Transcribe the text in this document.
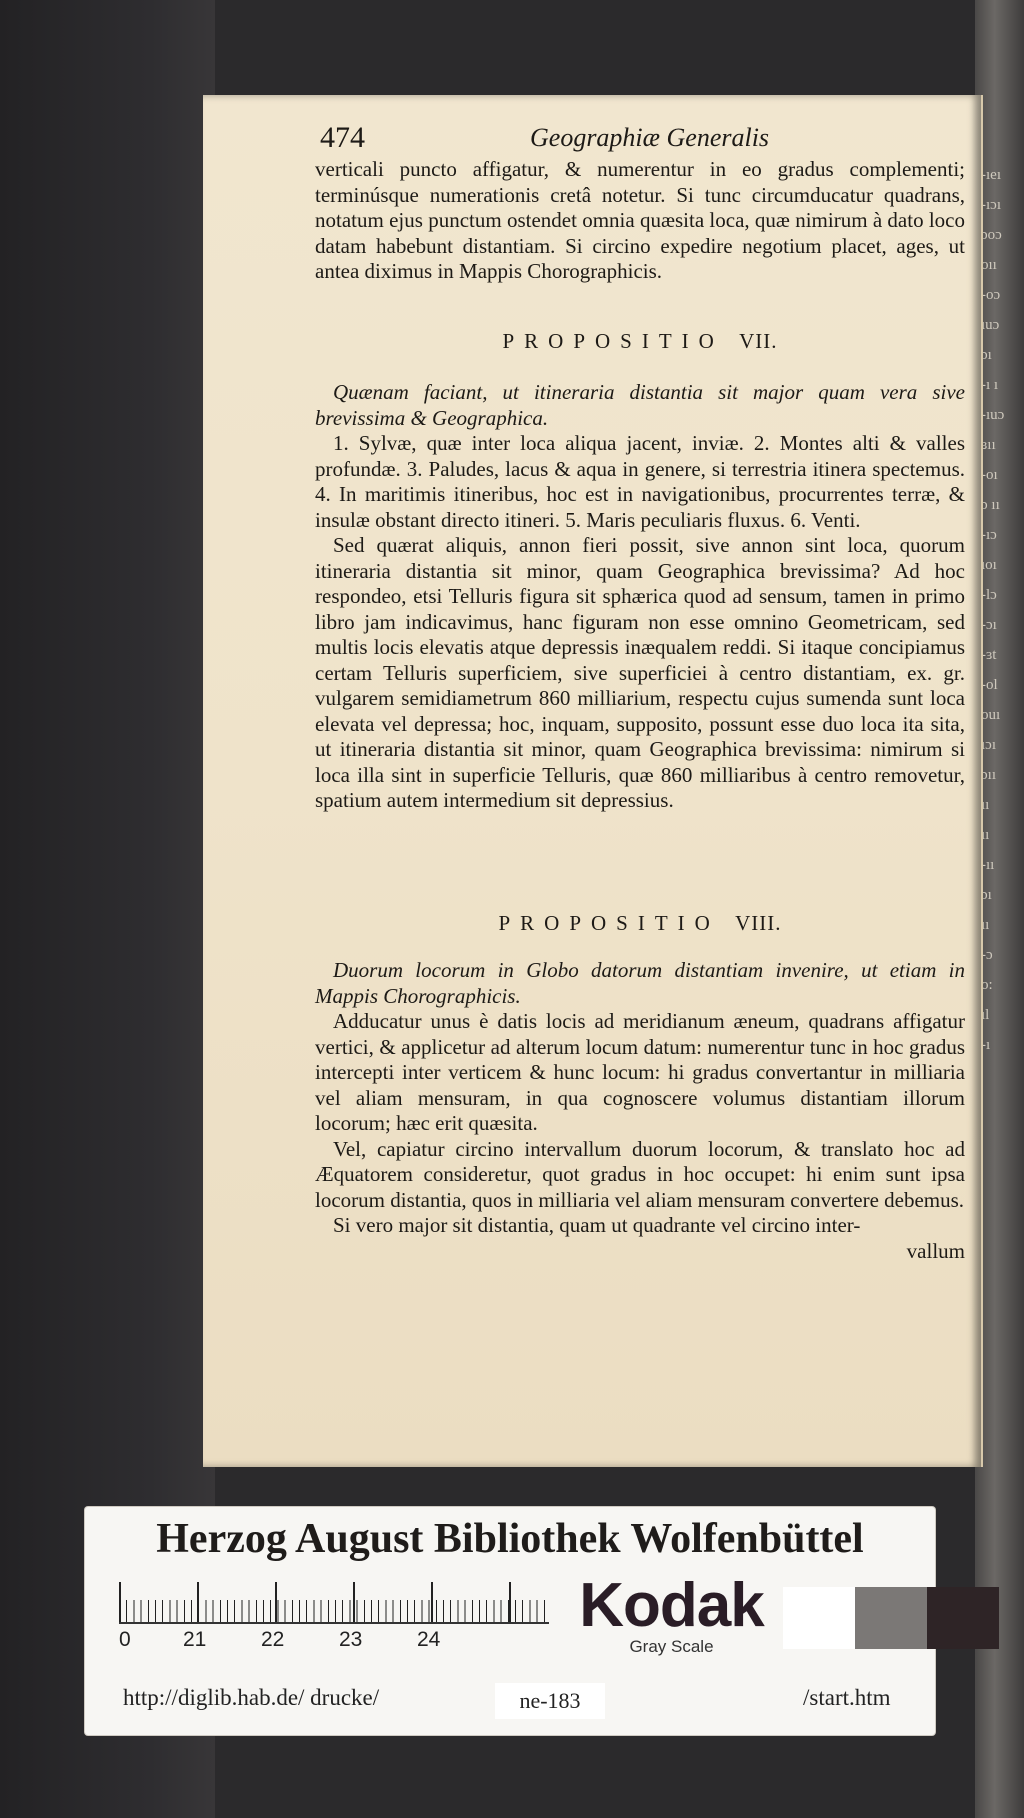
-ıeı
-ıɔı
ɔoɔ
oıı
-oɔ
ıuɔ
ɔı
-ı ı
-ıuɔ
ɜıı
-oı
ɔ ıı
-ıɔ
ıoı
-lɔ
-ɔı
-ɜt
-ol
ouı
ıɔı
ɔıı
ıı
ıı
-ıı
ɔı
ıı
-ɔ
o:
ıl
-ı
474	Geographiæ Generalis

verticali puncto affigatur, & numerentur in eo gradus complementi; terminúsque numerationis cretâ notetur. Si tunc circumducatur quadrans, notatum ejus punctum ostendet omnia quæsita loca, quæ nimirum à dato loco datam habebunt distantiam. Si circino expedire negotium placet, ages, ut antea diximus in Mappis Chorographicis.

PROPOSITIO VII.

Quænam faciant, ut itineraria distantia sit major quam vera sive brevissima & Geographica.

1. Sylvæ, quæ inter loca aliqua jacent, inviæ. 2. Montes alti & valles profundæ. 3. Paludes, lacus & aqua in genere, si terrestria itinera spectemus. 4. In maritimis itineribus, hoc est in navigationibus, procurrentes terræ, & insulæ obstant directo itineri. 5. Maris peculiaris fluxus. 6. Venti.

Sed quærat aliquis, annon fieri possit, sive annon sint loca, quorum itineraria distantia sit minor, quam Geographica brevissima? Ad hoc respondeo, etsi Telluris figura sit sphærica quod ad sensum, tamen in primo libro jam indicavimus, hanc figuram non esse omnino Geometricam, sed multis locis elevatis atque depressis inæqualem reddi. Si itaque concipiamus certam Telluris superficiem, sive superficiei à centro distantiam, ex. gr. vulgarem semidiametrum 860 milliarium, respectu cujus sumenda sunt loca elevata vel depressa; hoc, inquam, supposito, possunt esse duo loca ita sita, ut itineraria distantia sit minor, quam Geographica brevissima: nimirum si loca illa sint in superficie Telluris, quæ 860 milliaribus à centro removetur, spatium autem intermedium sit depressius.

PROPOSITIO VIII.

Duorum locorum in Globo datorum distantiam invenire, ut etiam in Mappis Chorographicis.

Adducatur unus è datis locis ad meridianum æneum, quadrans affigatur vertici, & applicetur ad alterum locum datum: numerentur tunc in hoc gradus intercepti inter verticem & hunc locum: hi gradus convertantur in milliaria vel aliam mensuram, in qua cognoscere volumus distantiam illorum locorum; hæc erit quæsita.

Vel, capiatur circino intervallum duorum locorum, & translato hoc ad Æquatorem consideretur, quot gradus in hoc occupet: hi enim sunt ipsa locorum distantia, quos in milliaria vel aliam mensuram convertere debemus.

Si vero major sit distantia, quam ut quadrante vel circino inter-

vallum

Herzog August Bibliothek Wolfenbüttel
0 21	22	23	24	Kodak
Gray Scale
http://diglib.hab.de/ drucke/	ne-183	/start.htm
